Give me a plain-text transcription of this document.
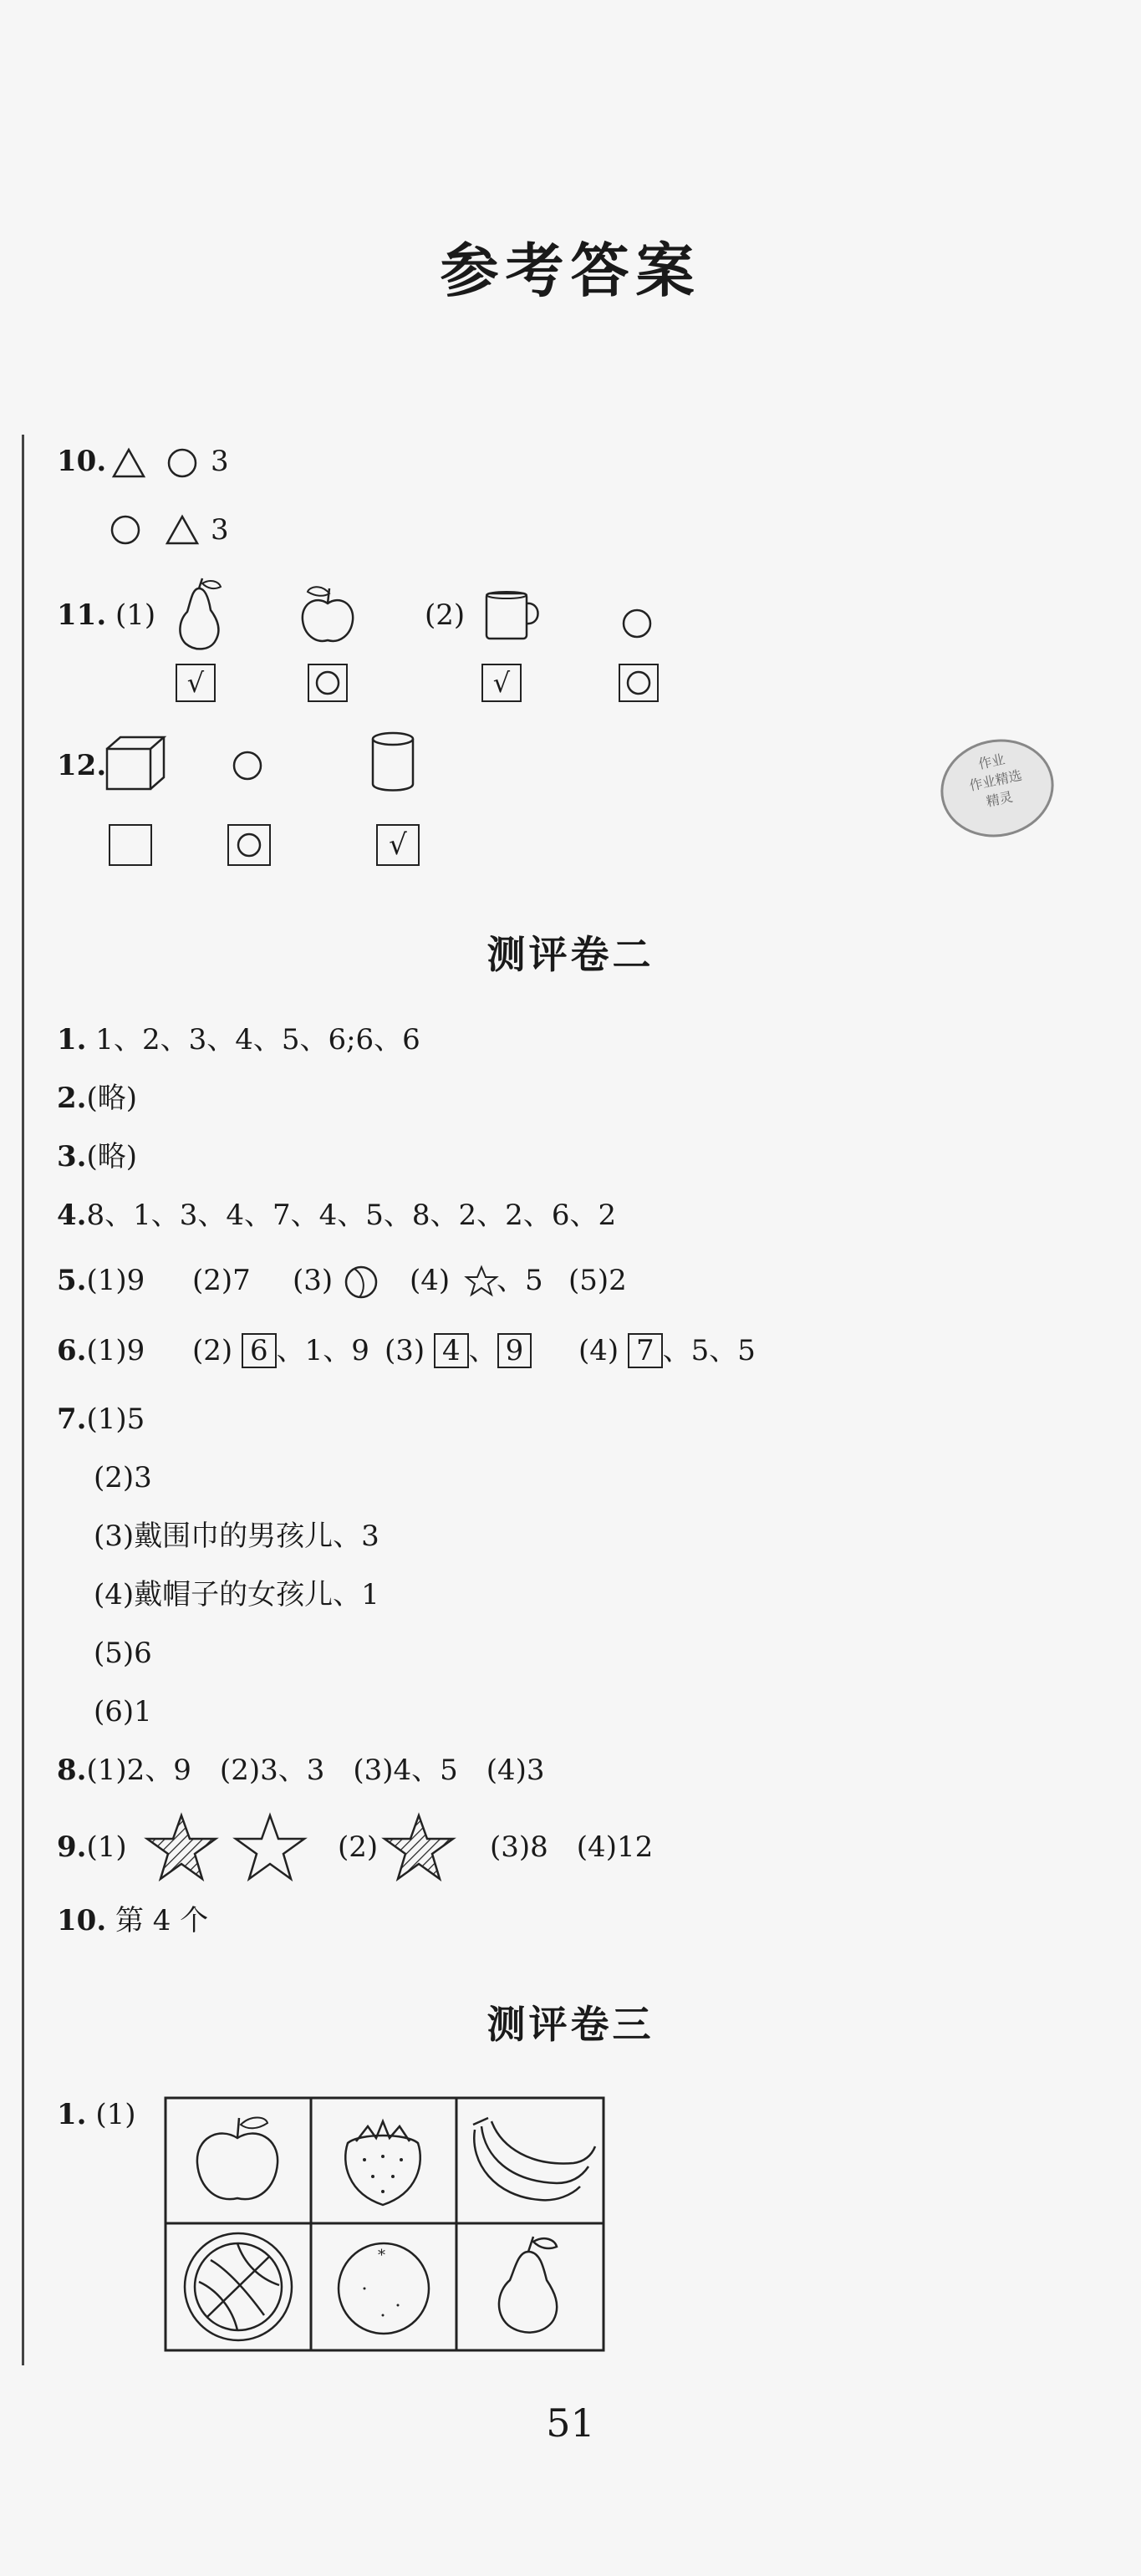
参考答案
10.	3
3
11. (1)	(2)
√	√
12.
√
作业
作业精选
精灵
测评卷二
1. 1、2、3、4、5、6;6、6
2.(略)
3.(略)
4.8、1、3、4、7、4、5、8、2、2、6、2
5.(1)9 (2)7 (3)	(4) 、5 (5)2
6.(1)9 (2) 6 、1、9 (3) 4 、 9 (4) 7 、5、5
7.(1)5
(2)3
(3)戴围巾的男孩儿、3
(4)戴帽子的女孩儿、1
(5)6
(6)1
8.(1)2、9　(2)3、3　(3)4、5　(4)3
9.(1)	(2)	(3)8　(4)12
10. 第 4 个
测评卷三
1. (1)
*
51
